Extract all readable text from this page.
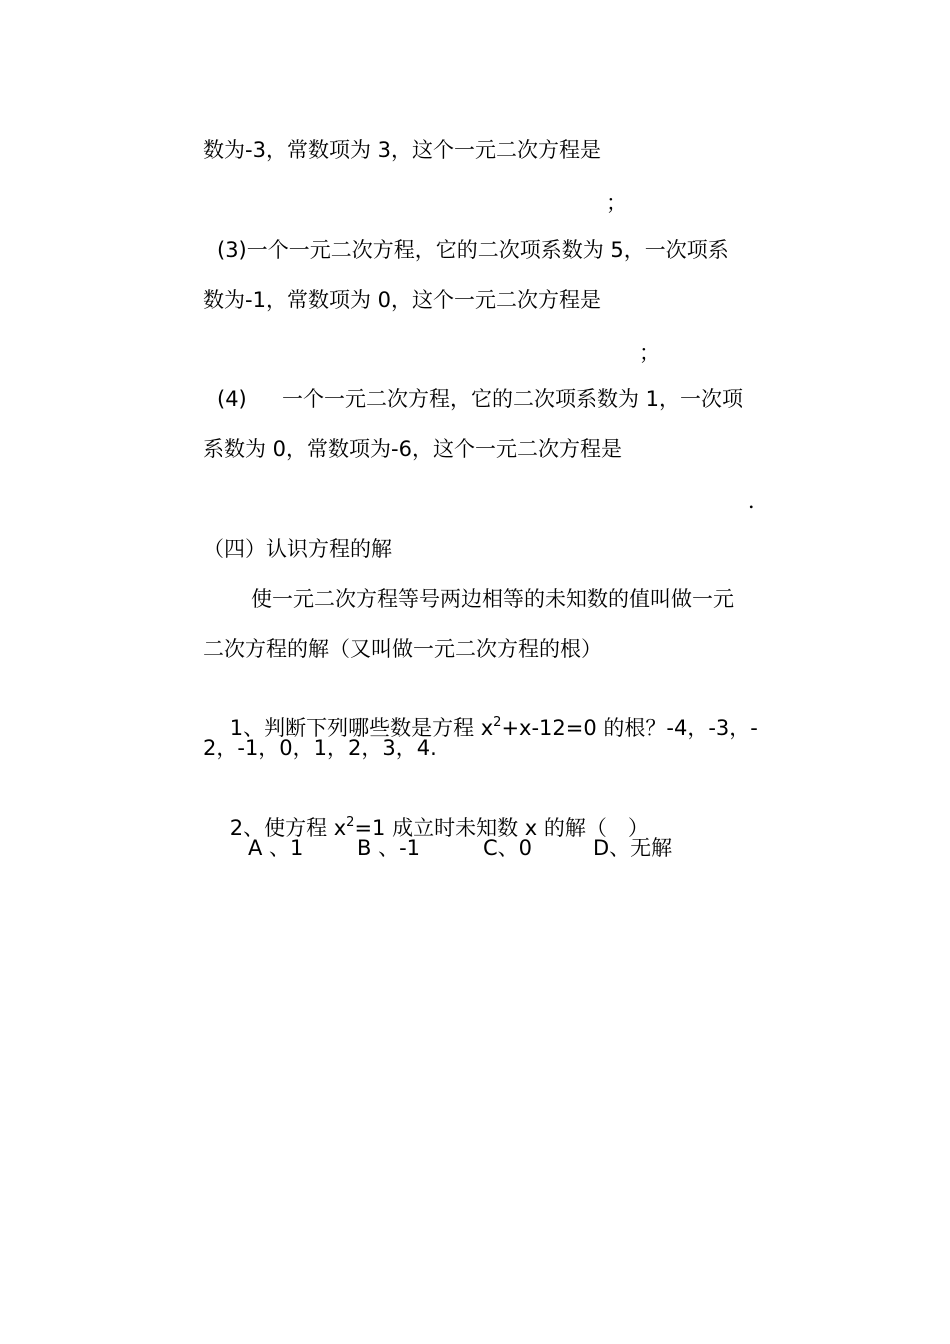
数为-3，常数项为 3，这个一元二次方程是
；
(3)一个一元二次方程，它的二次项系数为 5，一次项系
数为-1，常数项为 0，这个一元二次方程是
；
(4) 一个一元二次方程，它的二次项系数为 1，一次项
系数为 0，常数项为-6，这个一元二次方程是
．
（四）认识方程的解
使一元二次方程等号两边相等的未知数的值叫做一元
二次方程的解（又叫做一元二次方程的根）

1、判断下列哪些数是方程 $x^2+x-12=0$ 的根？-4，-3，-

2，-1，0，1，2，3，4.

2、使方程 $x^2=1$ 成立时未知数 x 的解（　）

A 、1	B 、-1	C、0	D、无解
